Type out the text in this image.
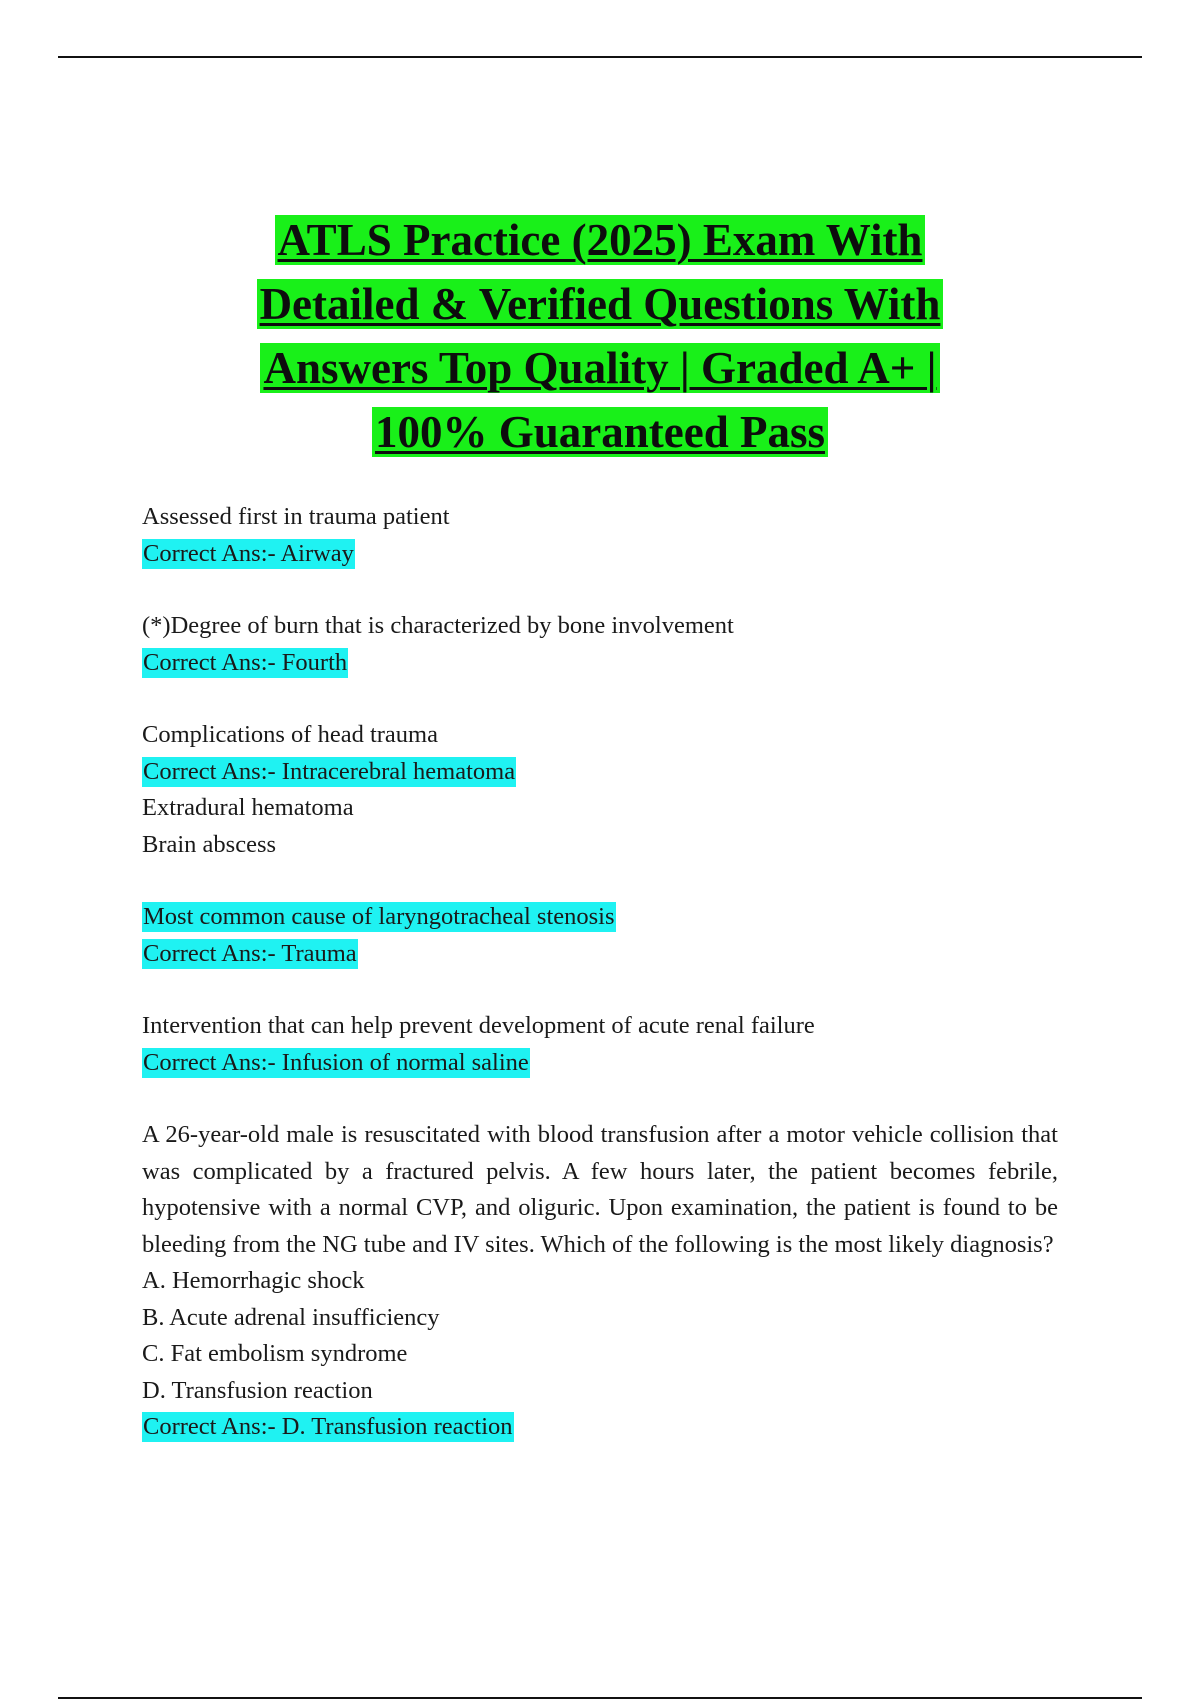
ATLS Practice (2025) Exam With
Detailed & Verified Questions With
Answers Top Quality | Graded A+ |
100% Guaranteed Pass
Assessed first in trauma patient
Correct Ans:- Airway
(*)Degree of burn that is characterized by bone involvement
Correct Ans:- Fourth
Complications of head trauma
Correct Ans:- Intracerebral hematoma
Extradural hematoma
Brain abscess
Most common cause of laryngotracheal stenosis
Correct Ans:- Trauma
Intervention that can help prevent development of acute renal failure
Correct Ans:- Infusion of normal saline
A 26-year-old male is resuscitated with blood transfusion after a motor vehicle collision that was complicated by a fractured pelvis. A few hours later, the patient becomes febrile, hypotensive with a normal CVP, and oliguric. Upon examination, the patient is found to be bleeding from the NG tube and IV sites. Which of the following is the most likely diagnosis?
A. Hemorrhagic shock
B. Acute adrenal insufficiency
C. Fat embolism syndrome
D. Transfusion reaction
Correct Ans:- D. Transfusion reaction
